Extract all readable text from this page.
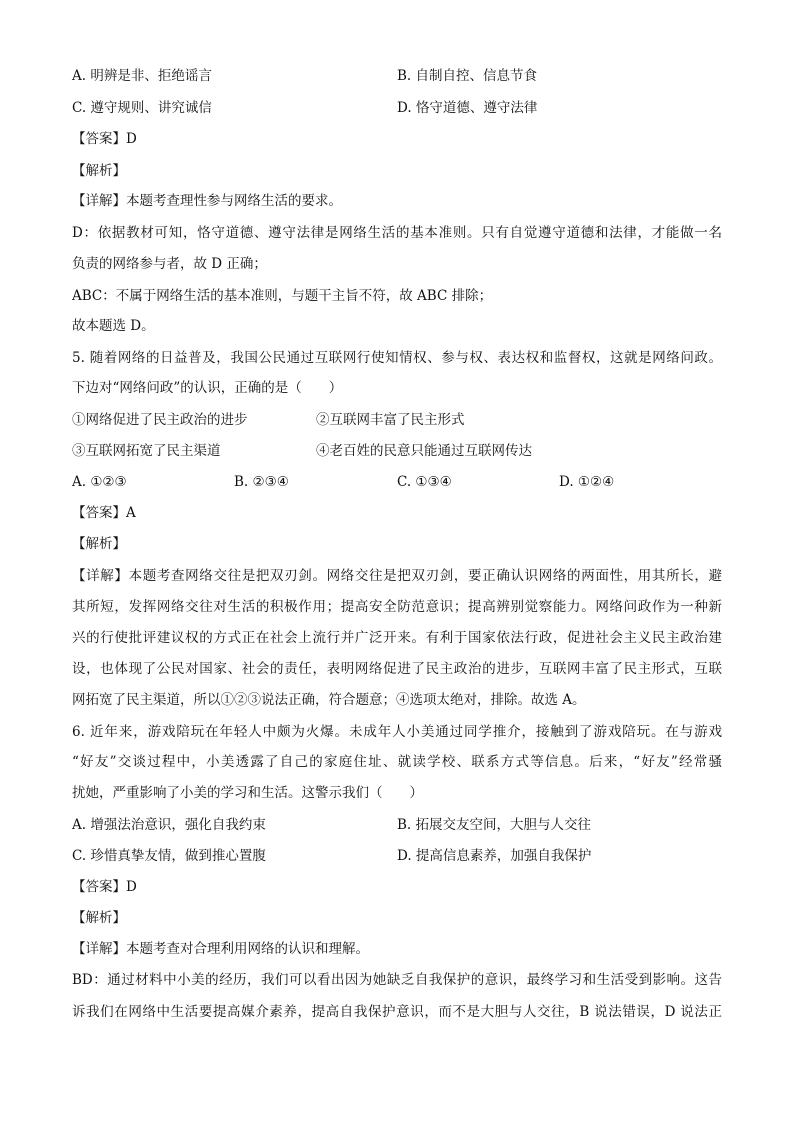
A. 明辨是非、拒绝谣言	B. 自制自控、信息节食
C. 遵守规则、讲究诚信	D. 恪守道德、遵守法律
【答案】D
【解析】
【详解】本题考查理性参与网络生活的要求。
D：依据教材可知，恪守道德、遵守法律是网络生活的基本准则。只有自觉遵守道德和法律，才能做一名
负责的网络参与者，故 D 正确；
ABC：不属于网络生活的基本准则，与题干主旨不符，故 ABC 排除；
故本题选 D。
5. 随着网络的日益普及，我国公民通过互联网行使知情权、参与权、表达权和监督权，这就是网络问政。
下边对“网络问政”的认识，正确的是（　　）
①网络促进了民主政治的进步	②互联网丰富了民主形式
③互联网拓宽了民主渠道	④老百姓的民意只能通过互联网传达
A. ①②③	B. ②③④	C. ①③④	D. ①②④
【答案】A
【解析】
【详解】本题考查网络交往是把双刃剑。网络交往是把双刃剑，要正确认识网络的两面性，用其所长，避
其所短，发挥网络交往对生活的积极作用；提高安全防范意识；提高辨别觉察能力。网络问政作为一种新
兴的行使批评建议权的方式正在社会上流行并广泛开来。有利于国家依法行政，促进社会主义民主政治建
设，也体现了公民对国家、社会的责任，表明网络促进了民主政治的进步，互联网丰富了民主形式，互联
网拓宽了民主渠道，所以①②③说法正确，符合题意；④选项太绝对，排除。故选 A。
6. 近年来，游戏陪玩在年轻人中颇为火爆。未成年人小美通过同学推介，接触到了游戏陪玩。在与游戏
“好友”交谈过程中，小美透露了自己的家庭住址、就读学校、联系方式等信息。后来，“好友”经常骚
扰她，严重影响了小美的学习和生活。这警示我们（　　）
A. 增强法治意识，强化自我约束	B. 拓展交友空间，大胆与人交往
C. 珍惜真挚友情，做到推心置腹	D. 提高信息素养，加强自我保护
【答案】D
【解析】
【详解】本题考查对合理利用网络的认识和理解。
BD：通过材料中小美的经历，我们可以看出因为她缺乏自我保护的意识，最终学习和生活受到影响。这告
诉我们在网络中生活要提高媒介素养，提高自我保护意识，而不是大胆与人交往，B 说法错误，D 说法正
